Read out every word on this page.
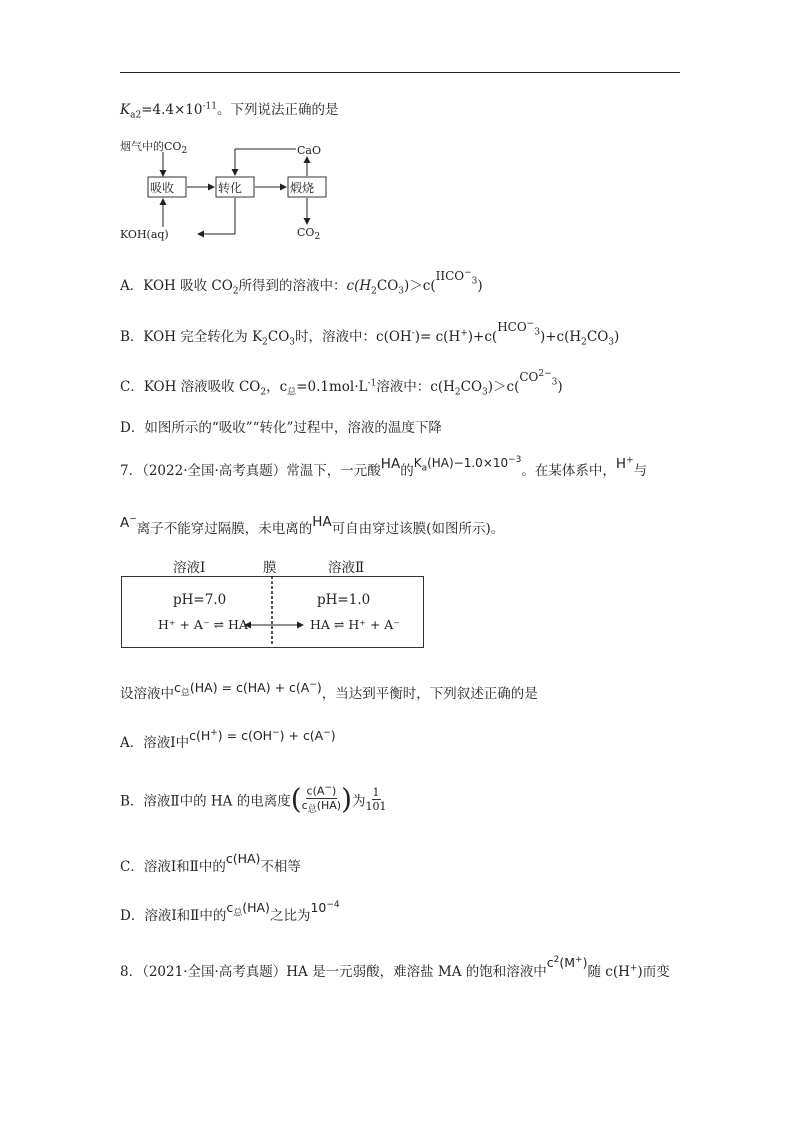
$K_{a2}=4.4\times 10^{-11}$。下列说法正确的是
烟气中的$CO_2$
吸收	转化	煅烧
CaO
KOH(aq)	$CO_2$
A．KOH 吸收 $CO_2$所得到的溶液中：$c(H_2CO_3)>c(IICO^-_3)$
B．KOH 完全转化为 $K_2CO_3$时，溶液中：$c(OH^-)= c(H^+)+c(HCO^-_3)+c(H_2CO_3)$
C．KOH 溶液吸收 $CO_2$，$c_总=0.1mol\cdot L^{-1}$溶液中：$c(H_2CO_3)>c(CO^{2-}_3)$
D．如图所示的“吸收”“转化”过程中，溶液的温度下降
7．（2022·全国·高考真题）常温下，一元酸HA的$K_a(HA)-1.0\times 10^{-3}$。在某体系中，H+与
A−离子不能穿过隔膜，未电离的HA可自由穿过该膜(如图所示)。
溶液Ⅰ	膜	溶液Ⅱ
pH=7.0	pH=1.0
H⁺ + A⁻ ⇌ HA	HA ⇌ H⁺ + A⁻
设溶液中$c_总(HA) = c(HA) + c(A^-)$，当达到平衡时，下列叙述正确的是
A．溶液Ⅰ中c(H+) = c(OH−) + c(A−)
B．溶液Ⅱ中的 HA 的电离度( $\frac{c(A^-)}{c_总(HA)}$ )为 $\frac{1}{101}$
C．溶液Ⅰ和Ⅱ中的c(HA)不相等
D．溶液Ⅰ和Ⅱ中的$c_总(HA)$之比为$10^{-4}$
8．（2021·全国·高考真题）HA 是一元弱酸，难溶盐 MA 的饱和溶液中$c^2(M^+)$随 c(H+)而变
